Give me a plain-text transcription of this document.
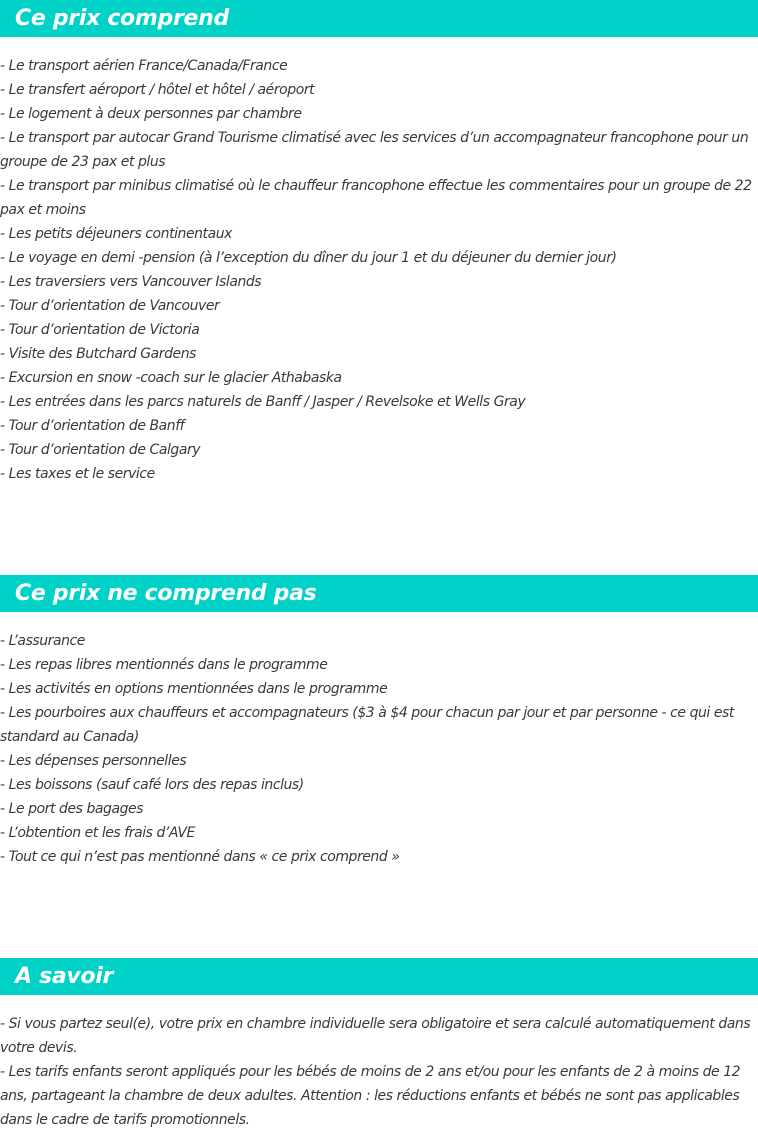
Ce prix comprend
- Le transport aérien France/Canada/France
- Le transfert aéroport / hôtel et hôtel / aéroport
- Le logement à deux personnes par chambre
- Le transport par autocar Grand Tourisme climatisé avec les services d’un accompagnateur francophone pour un groupe de 23 pax et plus
- Le transport par minibus climatisé où le chauffeur francophone effectue les commentaires pour un groupe de 22 pax et moins
- Les petits déjeuners continentaux
- Le voyage en demi -pension (à l’exception du dîner du jour 1 et du déjeuner du dernier jour)
- Les traversiers vers Vancouver Islands
- Tour d’orientation de Vancouver
- Tour d’orientation de Victoria
- Visite des Butchard Gardens
- Excursion en snow -coach sur le glacier Athabaska
- Les entrées dans les parcs naturels de Banff / Jasper / Revelsoke et Wells Gray
- Tour d’orientation de Banff
- Tour d’orientation de Calgary
- Les taxes et le service
Ce prix ne comprend pas
- L’assurance
- Les repas libres mentionnés dans le programme
- Les activités en options mentionnées dans le programme
- Les pourboires aux chauffeurs et accompagnateurs ($3 à $4 pour chacun par jour et par personne - ce qui est standard au Canada)
- Les dépenses personnelles
- Les boissons (sauf café lors des repas inclus)
- Le port des bagages
- L’obtention et les frais d’AVE
- Tout ce qui n’est pas mentionné dans « ce prix comprend »
A savoir
- Si vous partez seul(e), votre prix en chambre individuelle sera obligatoire et sera calculé automatiquement dans votre devis.
- Les tarifs enfants seront appliqués pour les bébés de moins de 2 ans et/ou pour les enfants de 2 à moins de 12 ans, partageant la chambre de deux adultes. Attention : les réductions enfants et bébés ne sont pas applicables dans le cadre de tarifs promotionnels.
